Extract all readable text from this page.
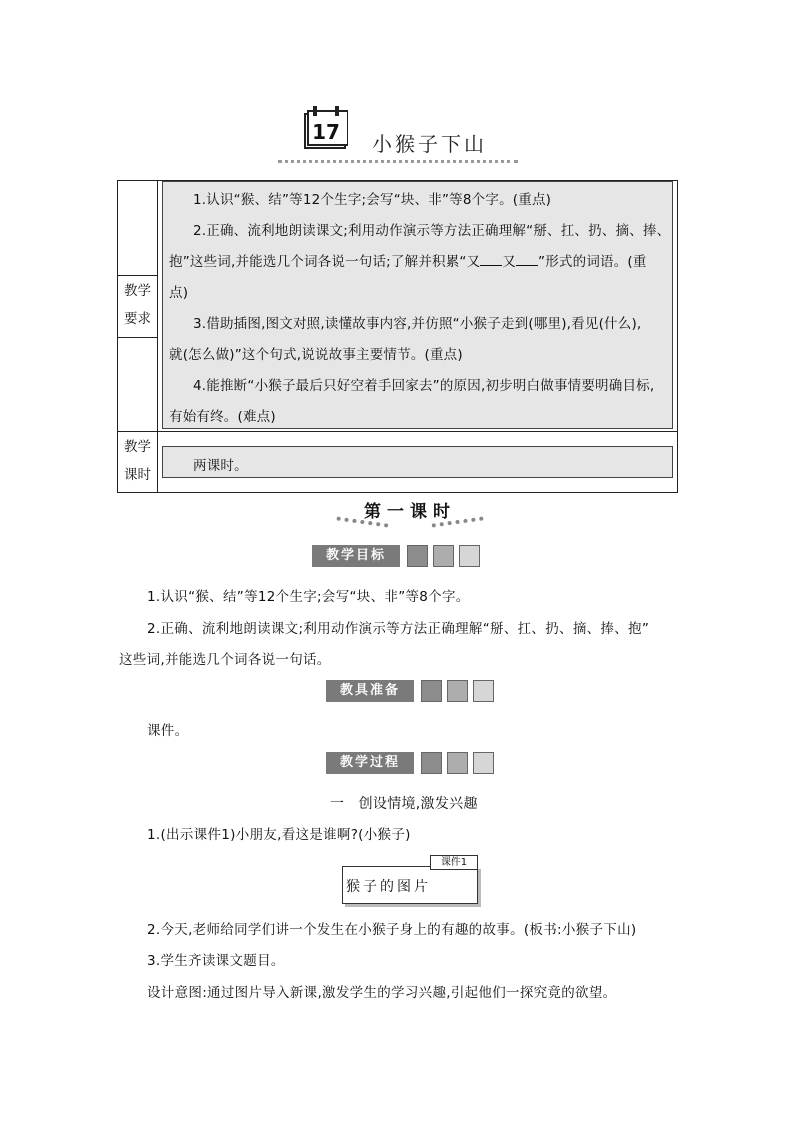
17 小猴子下山
教学
要求
1.认识“猴、结”等12个生字;会写“块、非”等8个字。(重点)
2.正确、流利地朗读课文;利用动作演示等方法正确理解“掰、扛、扔、摘、捧、
抱”这些词,并能选几个词各说一句话;了解并积累“又 又 ”形式的词语。(重
点)
3.借助插图,图文对照,读懂故事内容,并仿照“小猴子走到(哪里),看见(什么),
就(怎么做)”这个句式,说说故事主要情节。(重点)
4.能推断“小猴子最后只好空着手回家去”的原因,初步明白做事情要明确目标,
有始有终。(难点)
教学
课时
两课时。
第一课时
教学目标
1.认识“猴、结”等12个生字;会写“块、非”等8个字。
2.正确、流利地朗读课文;利用动作演示等方法正确理解“掰、扛、扔、摘、捧、抱”
这些词,并能选几个词各说一句话。
教具准备
课件。
教学过程
一　创设情境,激发兴趣
1.(出示课件1)小朋友,看这是谁啊?(小猴子)
课件1
猴子的图片
2.今天,老师给同学们讲一个发生在小猴子身上的有趣的故事。(板书:小猴子下山)
3.学生齐读课文题目。
设计意图:通过图片导入新课,激发学生的学习兴趣,引起他们一探究竟的欲望。
